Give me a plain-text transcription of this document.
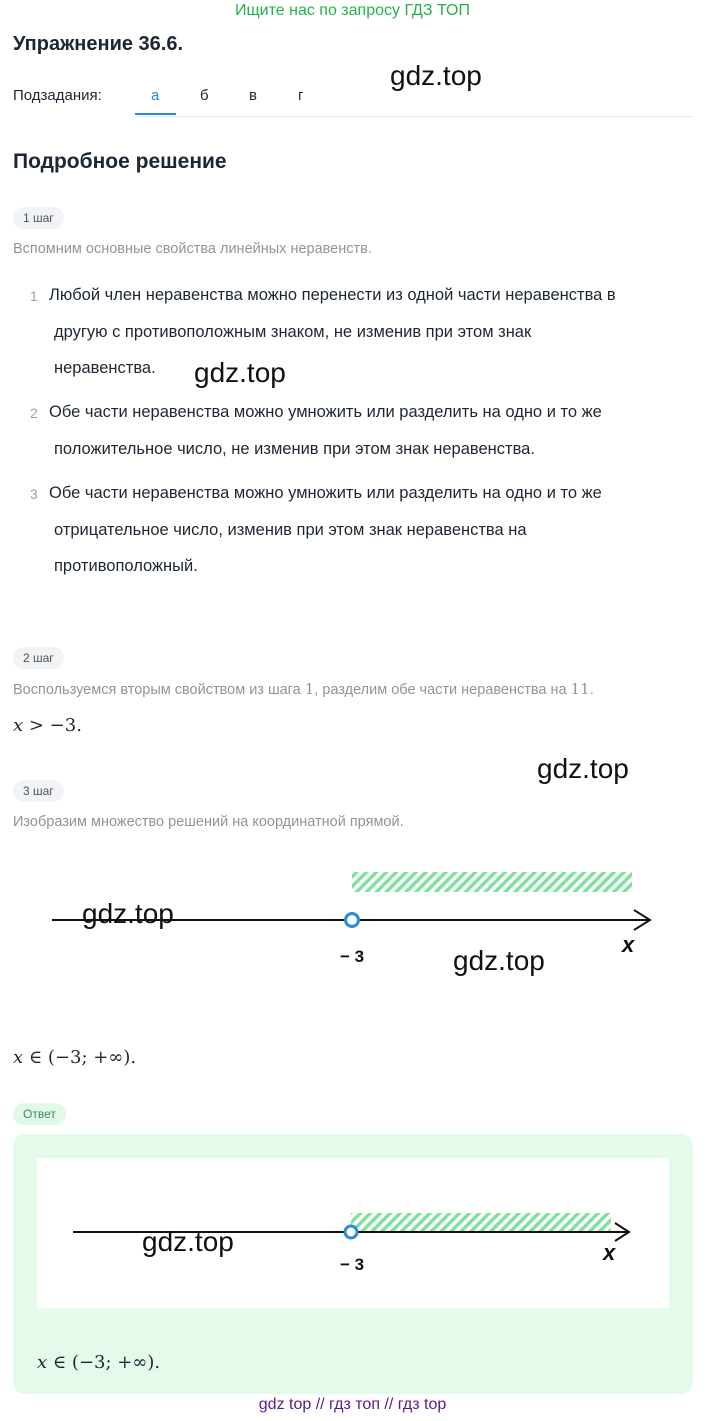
Ищите нас по запросу ГДЗ ТОП
Упражнение 36.6.
gdz.top
Подзадания:	а	б	в	г
Подробное решение
1 шаг
Вспомним основные свойства линейных неравенств.
1 Любой член неравенства можно перенести из одной части неравенства в
другую с противоположным знаком, не изменив при этом знак
неравенства.	gdz.top
2 Обе части неравенства можно умножить или разделить на одно и то же
положительное число, не изменив при этом знак неравенства.
3 Обе части неравенства можно умножить или разделить на одно и то же
отрицательное число, изменив при этом знак неравенства на
противоположный.
2 шаг
Воспользуемся вторым свойством из шага 1, разделим обе части неравенства на 11.
x > −3.
gdz.top
3 шаг
Изобразим множество решений на координатной прямой.
− 3	x
gdz.top
gdz.top
x ∈ (−3; +∞).
Ответ
− 3	x
gdz.top
x ∈ (−3; +∞).
gdz top // гдз топ // гдз top
